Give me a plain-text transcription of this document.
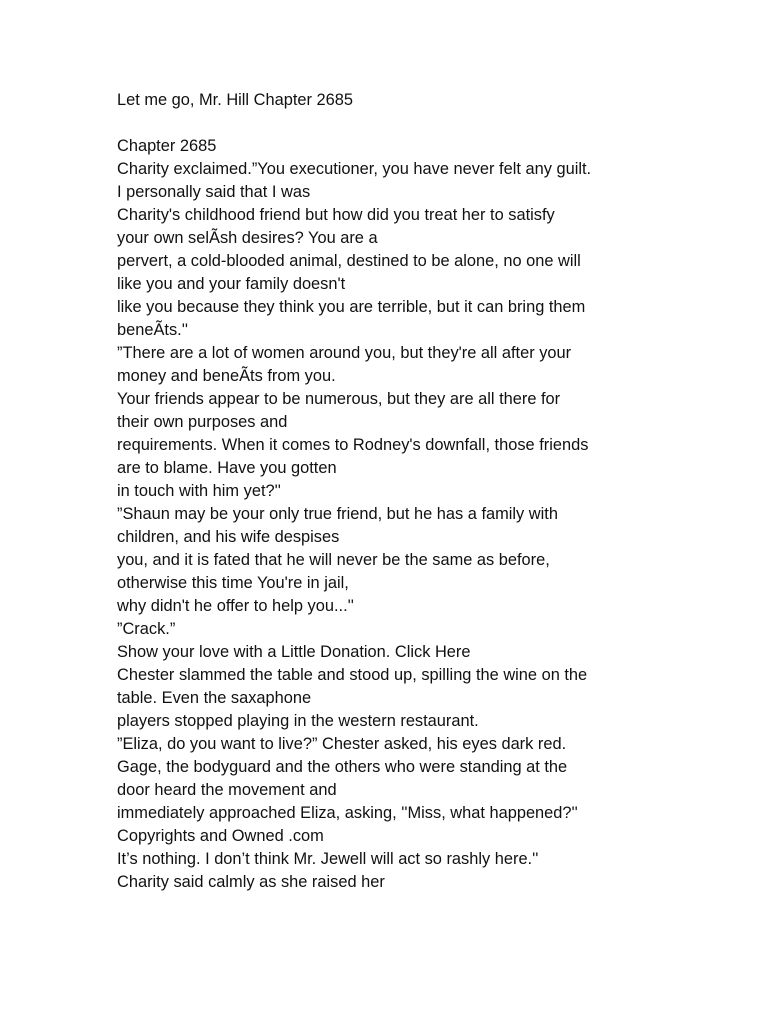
Let me go, Mr. Hill Chapter 2685
Chapter 2685
Charity exclaimed.”You executioner, you have never felt any guilt.
I personally said that I was
Charity's childhood friend but how did you treat her to satisfy
your own selÃsh desires? You are a
pervert, a cold-blooded animal, destined to be alone, no one will
like you and your family doesn't
like you because they think you are terrible, but it can bring them
beneÃts.''
”There are a lot of women around you, but they're all after your
money and beneÃts from you.
Your friends appear to be numerous, but they are all there for
their own purposes and
requirements. When it comes to Rodney's downfall, those friends
are to blame. Have you gotten
in touch with him yet?''
”Shaun may be your only true friend, but he has a family with
children, and his wife despises
you, and it is fated that he will never be the same as before,
otherwise this time You're in jail,
why didn't he offer to help you...''
”Crack.”
Show your love with a Little Donation. Click Here
Chester slammed the table and stood up, spilling the wine on the
table. Even the saxaphone
players stopped playing in the western restaurant.
”Eliza, do you want to live?” Chester asked, his eyes dark red.
Gage, the bodyguard and the others who were standing at the
door heard the movement and
immediately approached Eliza, asking, ''Miss, what happened?''
Copyrights and Owned .com
It’s nothing. I don’t think Mr. Jewell will act so rashly here.''
Charity said calmly as she raised her
